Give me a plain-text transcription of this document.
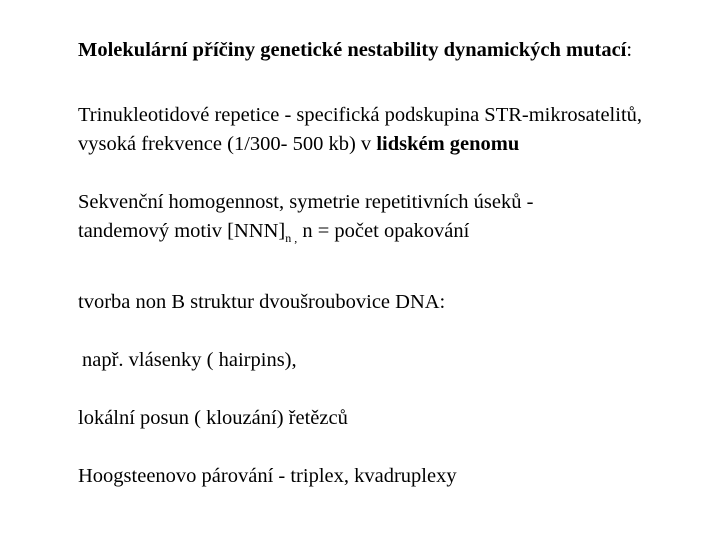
Molekulární příčiny genetické nestability dynamických mutací:

Trinukleotidové repetice - specifická podskupina STR-mikrosatelitů, vysoká frekvence (1/300- 500 kb) v lidském genomu

Sekvenční homogennost, symetrie repetitivních úseků -
tandemový motiv $[NNN]_{n ,}$ n = počet opakování

tvorba non B struktur dvoušroubovice DNA:

např. vlásenky ( hairpins),

lokální posun ( klouzání) řetězců

Hoogsteenovo párování - triplex, kvadruplexy
